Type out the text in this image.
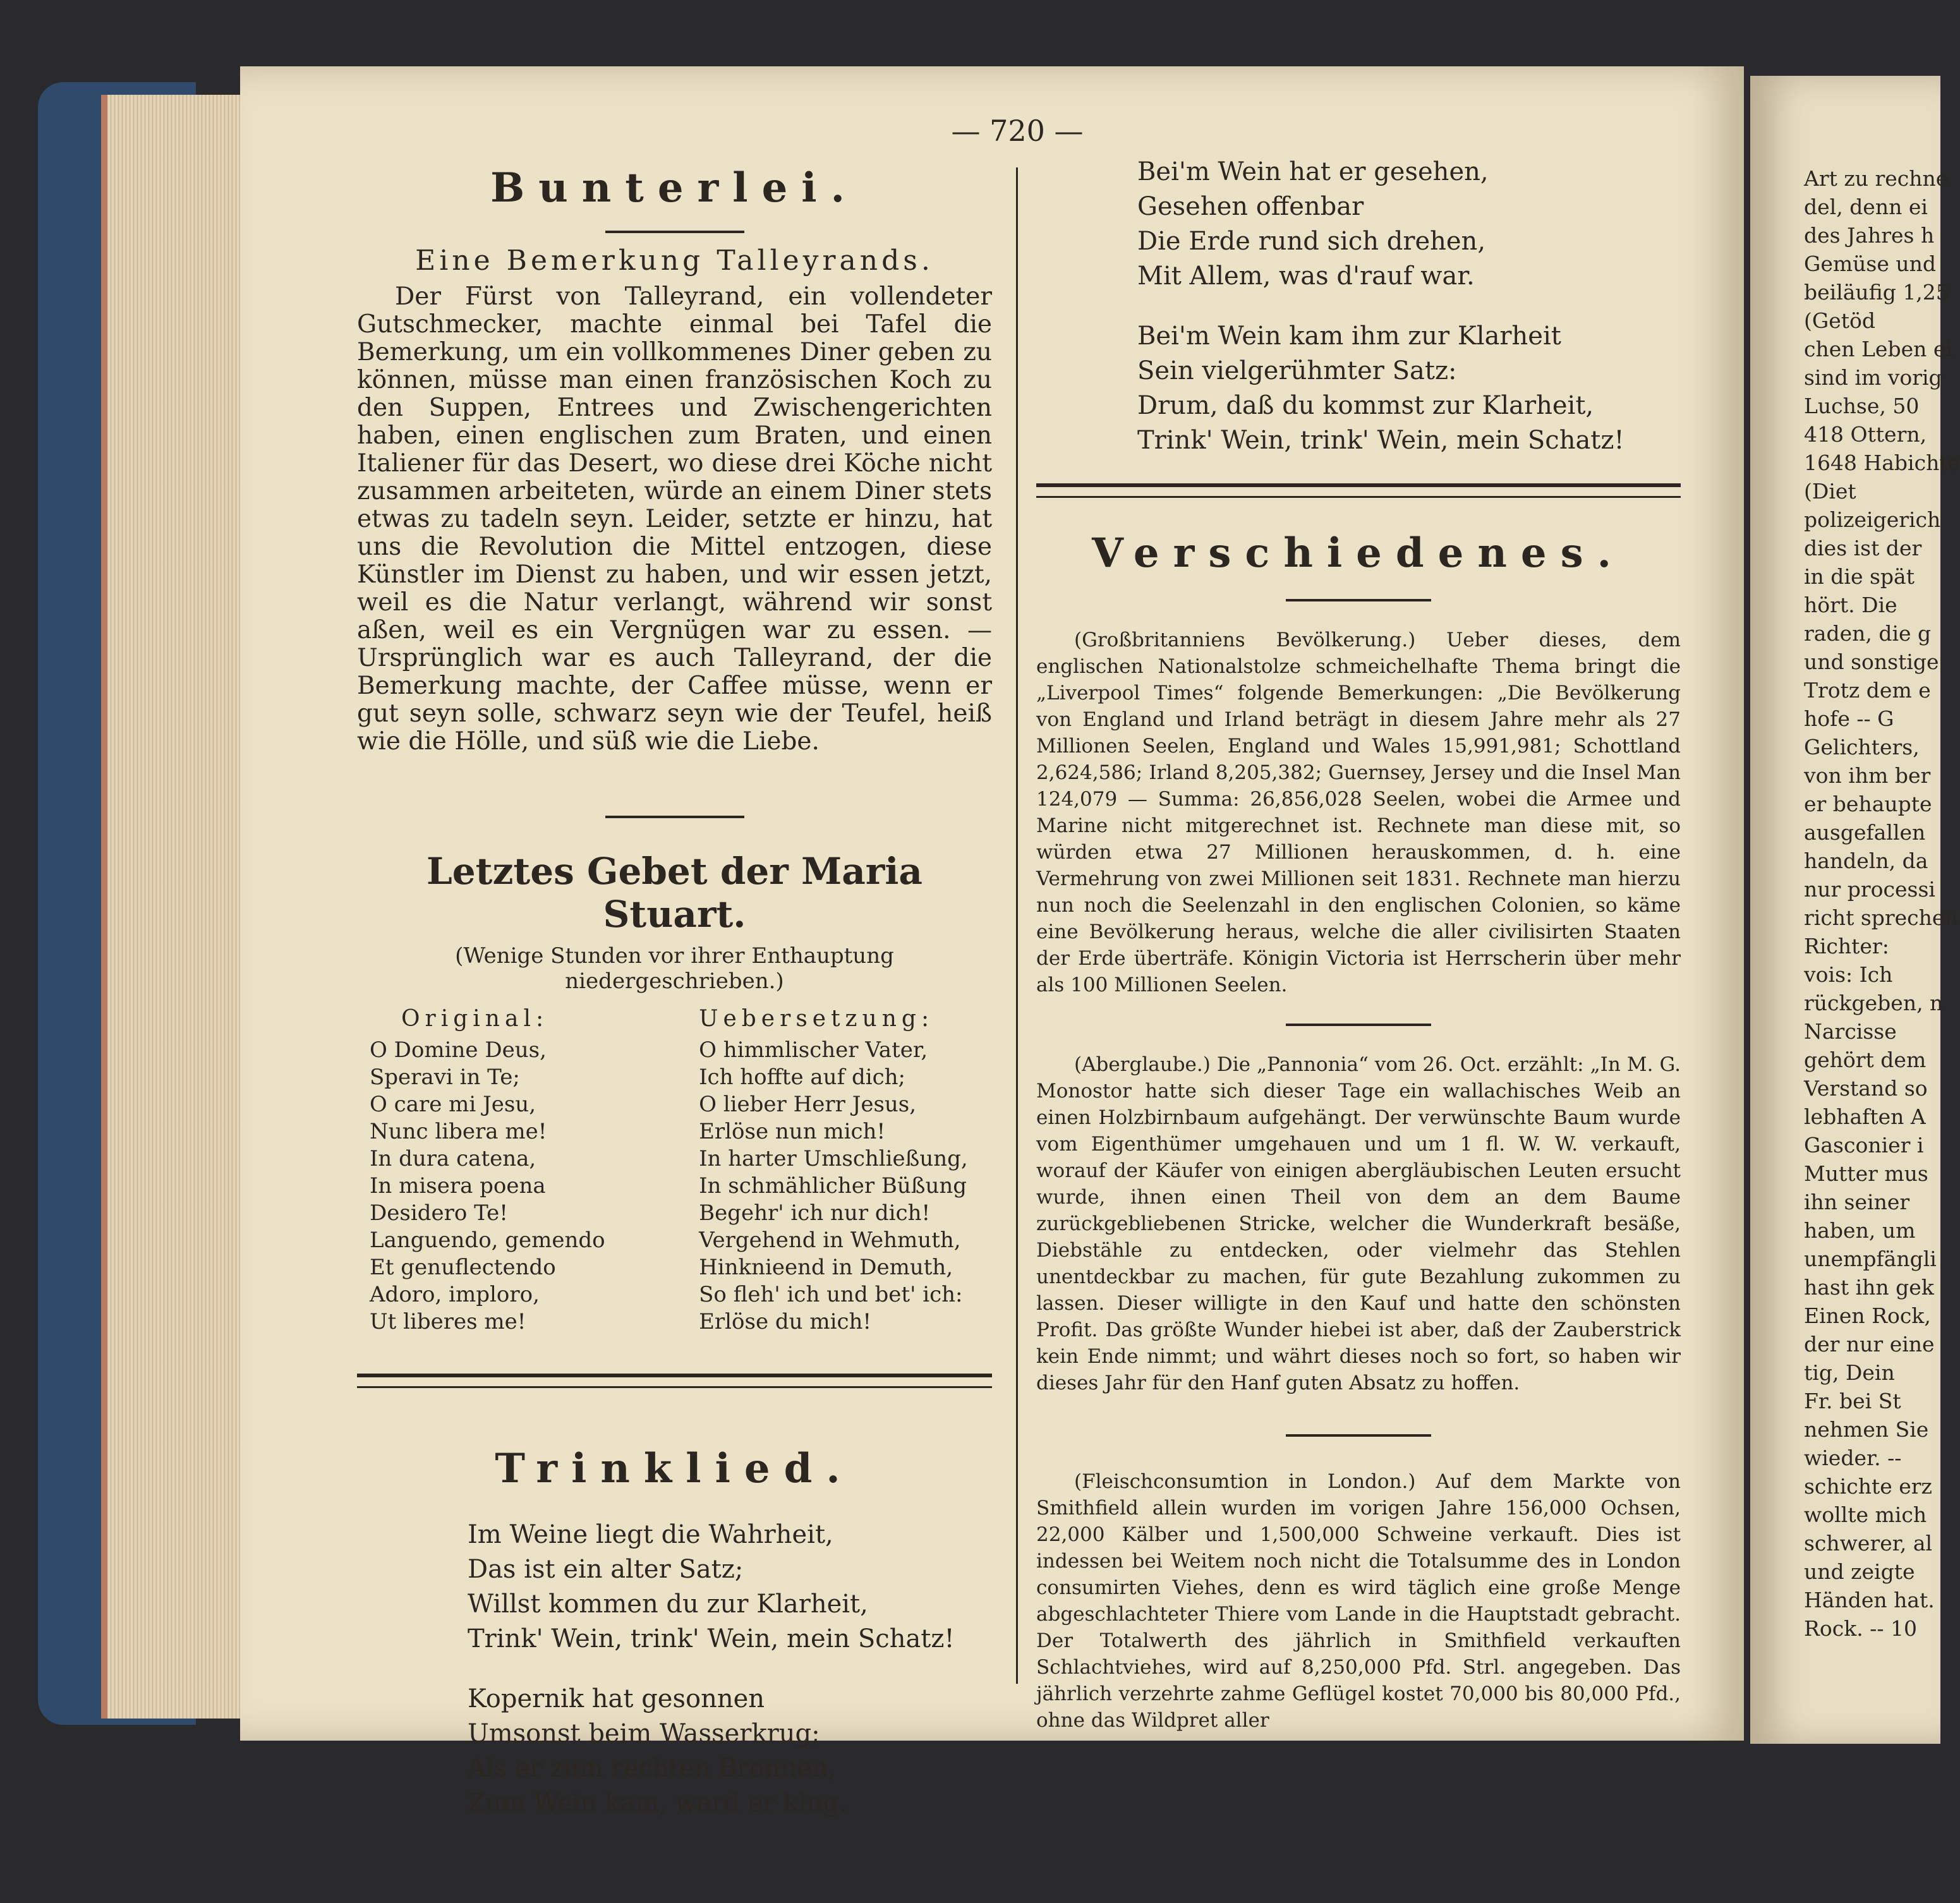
Art zu rechne
del, denn ei
des Jahres h
Gemüse und
beiläufig 1,25
(Getöd
chen Leben ei
sind im vorig
Luchse, 50
418 Ottern,
1648 Habichte
(Diet
polizeigerich
dies ist der
in die spät
hört. Die
raden, die g
und sonstige
Trotz dem e
hofe -- G
Gelichters,
von ihm ber
er behaupte
ausgefallen
handeln, da
nur processi
richt sprechen
Richter:
vois: Ich
rückgeben, n
Narcisse
gehört dem
Verstand so
lebhaften A
Gasconier i
Mutter mus
ihn seiner
haben, um
unempfängli
hast ihn gek
Einen Rock,
der nur eine
tig, Dein
Fr. bei St
nehmen Sie
wieder. --
schichte erz
wollte mich
schwerer, al
und zeigte
Händen hat.
Rock. -- 10
— 720 —
Bunterlei.
Eine Bemerkung Talleyrands.

Der Fürst von Talleyrand, ein vollendeter Gutschmecker, machte einmal bei Tafel die Bemerkung, um ein vollkommenes Diner geben zu können, müsse man einen französischen Koch zu den Suppen, Entrees und Zwischengerichten haben, einen englischen zum Braten, und einen Italiener für das Desert, wo diese drei Köche nicht zusammen arbeiteten, würde an einem Diner stets etwas zu tadeln seyn. Leider, setzte er hinzu, hat uns die Revolution die Mittel entzogen, diese Künstler im Dienst zu haben, und wir essen jetzt, weil es die Natur verlangt, während wir sonst aßen, weil es ein Vergnügen war zu essen. — Ursprünglich war es auch Talleyrand, der die Bemerkung machte, der Caffee müsse, wenn er gut seyn solle, schwarz seyn wie der Teufel, heiß wie die Hölle, und süß wie die Liebe.

Letztes Gebet der Maria Stuart.
(Wenige Stunden vor ihrer Enthauptung niedergeschrieben.)
Original:
O Domine Deus,
Speravi in Te;
O care mi Jesu,
Nunc libera me!
In dura catena,
In misera poena
Desidero Te!
Languendo, gemendo
Et genuflectendo
Adoro, imploro,
Ut liberes me!
Uebersetzung:
O himmlischer Vater,
Ich hoffte auf dich;
O lieber Herr Jesus,
Erlöse nun mich!
In harter Umschließung,
In schmählicher Büßung
Begehr' ich nur dich!
Vergehend in Wehmuth,
Hinknieend in Demuth,
So fleh' ich und bet' ich:
Erlöse du mich!
Trinklied.
Im Weine liegt die Wahrheit,
Das ist ein alter Satz;
Willst kommen du zur Klarheit,
Trink' Wein, trink' Wein, mein Schatz!
Kopernik hat gesonnen
Umsonst beim Wasserkrug;
Als er zum rechten Bronnen,
Zum Wein kam, ward er klug.
Bei'm Wein hat er gesehen,
Gesehen offenbar
Die Erde rund sich drehen,
Mit Allem, was d'rauf war.
Bei'm Wein kam ihm zur Klarheit
Sein vielgerühmter Satz:
Drum, daß du kommst zur Klarheit,
Trink' Wein, trink' Wein, mein Schatz!
Verschiedenes.

(Großbritanniens Bevölkerung.) Ueber dieses, dem englischen Nationalstolze schmeichelhafte Thema bringt die „Liverpool Times“ folgende Bemerkungen: „Die Bevölkerung von England und Irland beträgt in diesem Jahre mehr als 27 Millionen Seelen, England und Wales 15,991,981; Schottland 2,624,586; Irland 8,205,382; Guernsey, Jersey und die Insel Man 124,079 — Summa: 26,856,028 Seelen, wobei die Armee und Marine nicht mitgerechnet ist. Rechnete man diese mit, so würden etwa 27 Millionen herauskommen, d. h. eine Vermehrung von zwei Millionen seit 1831. Rechnete man hierzu nun noch die Seelenzahl in den englischen Colonien, so käme eine Bevölkerung heraus, welche die aller civilisirten Staaten der Erde überträfe. Königin Victoria ist Herrscherin über mehr als 100 Millionen Seelen.

(Aberglaube.) Die „Pannonia“ vom 26. Oct. erzählt: „In M. G. Monostor hatte sich dieser Tage ein wallachisches Weib an einen Holzbirnbaum aufgehängt. Der verwünschte Baum wurde vom Eigenthümer umgehauen und um 1 fl. W. W. verkauft, worauf der Käufer von einigen abergläubischen Leuten ersucht wurde, ihnen einen Theil von dem an dem Baume zurückgebliebenen Stricke, welcher die Wunderkraft besäße, Diebstähle zu entdecken, oder vielmehr das Stehlen unentdeckbar zu machen, für gute Bezahlung zukommen zu lassen. Dieser willigte in den Kauf und hatte den schönsten Profit. Das größte Wunder hiebei ist aber, daß der Zauberstrick kein Ende nimmt; und währt dieses noch so fort, so haben wir dieses Jahr für den Hanf guten Absatz zu hoffen.

(Fleischconsumtion in London.) Auf dem Markte von Smithfield allein wurden im vorigen Jahre 156,000 Ochsen, 22,000 Kälber und 1,500,000 Schweine verkauft. Dies ist indessen bei Weitem noch nicht die Totalsumme des in London consumirten Viehes, denn es wird täglich eine große Menge abgeschlachteter Thiere vom Lande in die Hauptstadt gebracht. Der Totalwerth des jährlich in Smithfield verkauften Schlachtviehes, wird auf 8,250,000 Pfd. Strl. angegeben. Das jährlich verzehrte zahme Geflügel kostet 70,000 bis 80,000 Pfd., ohne das Wildpret aller
